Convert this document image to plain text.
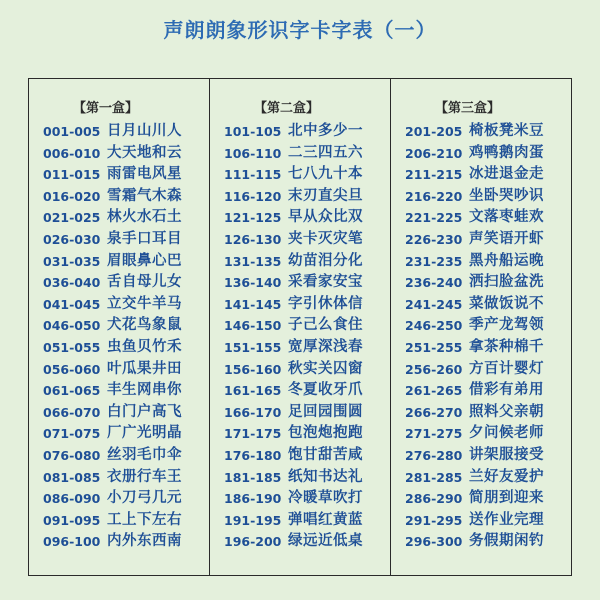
声朗朗象形识字卡字表（一）
【第一盒】
001-005 日月山川人
006-010 大天地和云
011-015 雨雷电风星
016-020 雪霜气木森
021-025 林火水石土
026-030 泉手口耳目
031-035 眉眼鼻心巴
036-040 舌自母儿女
041-045 立交牛羊马
046-050 犬花鸟象鼠
051-055 虫鱼贝竹禾
056-060 叶瓜果井田
061-065 丰生网串你
066-070 白门户高飞
071-075 厂广光明晶
076-080 丝羽毛巾伞
081-085 衣册行车王
086-090 小刀弓几元
091-095 工上下左右
096-100 内外东西南
【第二盒】
101-105 北中多少一
106-110 二三四五六
111-115 七八九十本
116-120 末刃直尖旦
121-125 早从众比双
126-130 夹卡灭灾笔
131-135 幼苗泪分化
136-140 采看家安宝
141-145 字引休体信
146-150 子己么食住
151-155 宽厚深浅春
156-160 秋实关囚窗
161-165 冬夏收牙爪
166-170 足回园围圆
171-175 包泡炮抱跑
176-180 饱甘甜苦咸
181-185 纸知书达礼
186-190 冷暖草吹打
191-195 弹唱红黄蓝
196-200 绿远近低桌
【第三盒】
201-205 椅板凳米豆
206-210 鸡鸭鹅肉蛋
211-215 冰进退金走
216-220 坐卧哭吵识
221-225 文落枣蛙欢
226-230 声笑语开虾
231-235 黑舟船运晚
236-240 洒扫脸盆洗
241-245 菜做饭说不
246-250 季产龙驾领
251-255 拿茶种棉千
256-260 方百计婴灯
261-265 借彩有弟用
266-270 照料父亲朝
271-275 夕问候老师
276-280 讲架服接受
281-285 兰好友爱护
286-290 简朋到迎来
291-295 送作业完理
296-300 务假期闲钓
